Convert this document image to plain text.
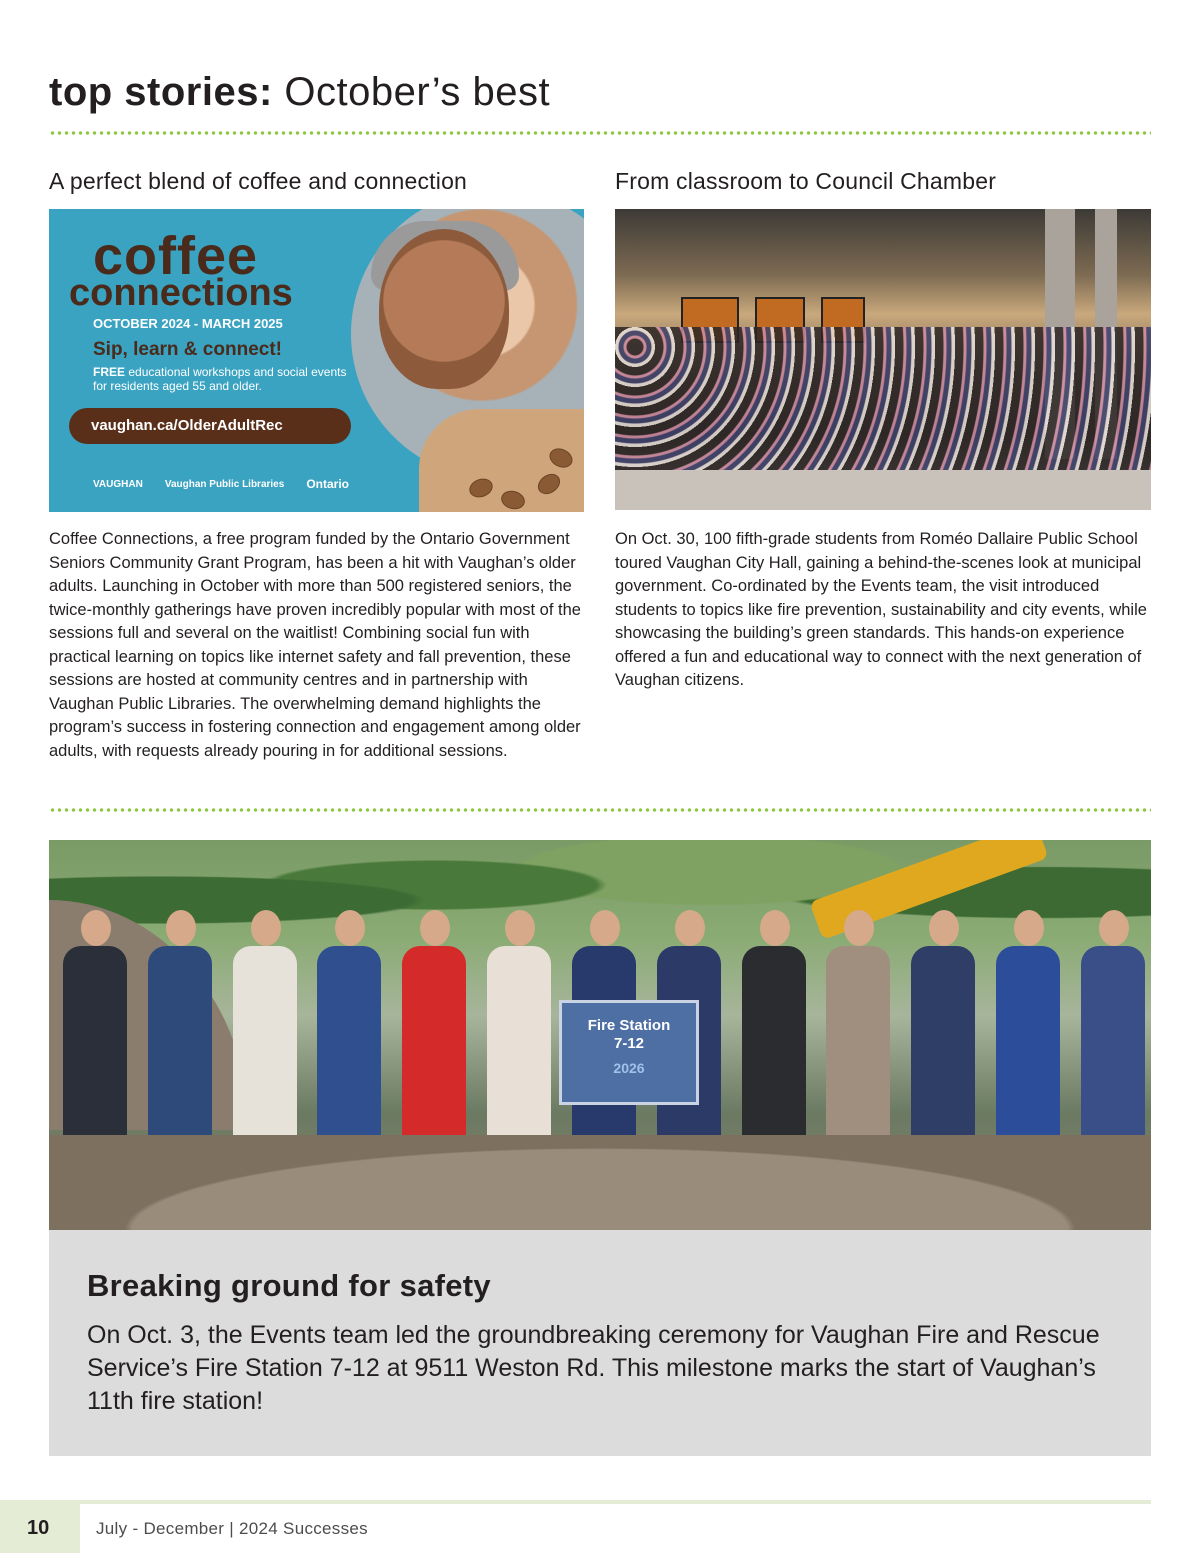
top stories: October’s best
A perfect blend of coffee and connection
coffee
connections
OCTOBER 2024 - MARCH 2025
Sip, learn & connect!
FREE educational workshops and social events for residents aged 55 and older.
vaughan.ca/OlderAdultRec
VAUGHAN Vaughan Public Libraries Ontario

Coffee Connections, a free program funded by the Ontario Government Seniors Community Grant Program, has been a hit with Vaughan’s older adults. Launching in October with more than 500 registered seniors, the twice-monthly gatherings have proven incredibly popular with most of the sessions full and several on the waitlist! Combining social fun with practical learning on topics like internet safety and fall prevention, these sessions are hosted at community centres and in partnership with Vaughan Public Libraries. The overwhelming demand highlights the program’s success in fostering connection and engagement among older adults, with requests already pouring in for additional sessions.

From classroom to Council Chamber

On Oct. 30, 100 fifth-grade students from Roméo Dallaire Public School toured Vaughan City Hall, gaining a behind-the-scenes look at municipal government. Co-ordinated by the Events team, the visit introduced students to topics like fire prevention, sustainability and city events, while showcasing the building’s green standards. This hands-on experience offered a fun and educational way to connect with the next generation of Vaughan citizens.

Fire Station
7-12
2026
Breaking ground for safety

On Oct. 3, the Events team led the groundbreaking ceremony for Vaughan Fire and Rescue Service’s Fire Station 7-12 at 9511 Weston Rd. This milestone marks the start of Vaughan’s 11th fire station!

10	July - December | 2024 Successes
